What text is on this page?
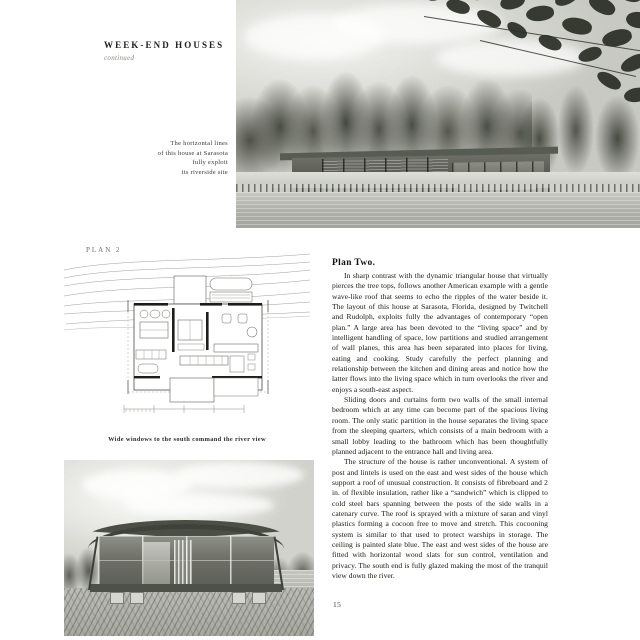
WEEK-END HOUSES
continued
The horizontal lines
of this house at Sarasota
fully exploit
its riverside site
PLAN 2
Wide windows to the south command the river view
Plan Two.

In sharp contrast with the dynamic triangular house that virtually pierces the tree tops, follows another American example with a gentle wave-like roof that seems to echo the ripples of the water beside it. The layout of this house at Sarasota, Florida, designed by Twitchell and Rudolph, exploits fully the advantages of contemporary “open plan.” A large area has been devoted to the “living space” and by intelligent handling of space, low partitions and studied arrangement of wall planes, this area has been separated into places for living, eating and cooking. Study carefully the perfect planning and relationship between the kitchen and dining areas and notice how the latter flows into the living space which in turn overlooks the river and enjoys a south-east aspect.

Sliding doors and curtains form two walls of the small internal bedroom which at any time can become part of the spacious living room. The only static partition in the house separates the living space from the sleeping quarters, which consists of a main bedroom with a small lobby leading to the bathroom which has been thoughtfully planned adjacent to the entrance hall and living area.

The structure of the house is rather unconventional. A system of post and lintels is used on the east and west sides of the house which support a roof of unusual construction. It consists of fibreboard and 2 in. of flexible insulation, rather like a “sandwich” which is clipped to cold steel bars spanning between the posts of the side walls in a catenary curve. The roof is sprayed with a mixture of saran and vinyl plastics forming a cocoon free to move and stretch. This cocooning system is similar to that used to protect warships in storage. The ceiling is painted slate blue. The east and west sides of the house are fitted with horizontal wood slats for sun control, ventilation and privacy. The south end is fully glazed making the most of the tranquil view down the river.

15
